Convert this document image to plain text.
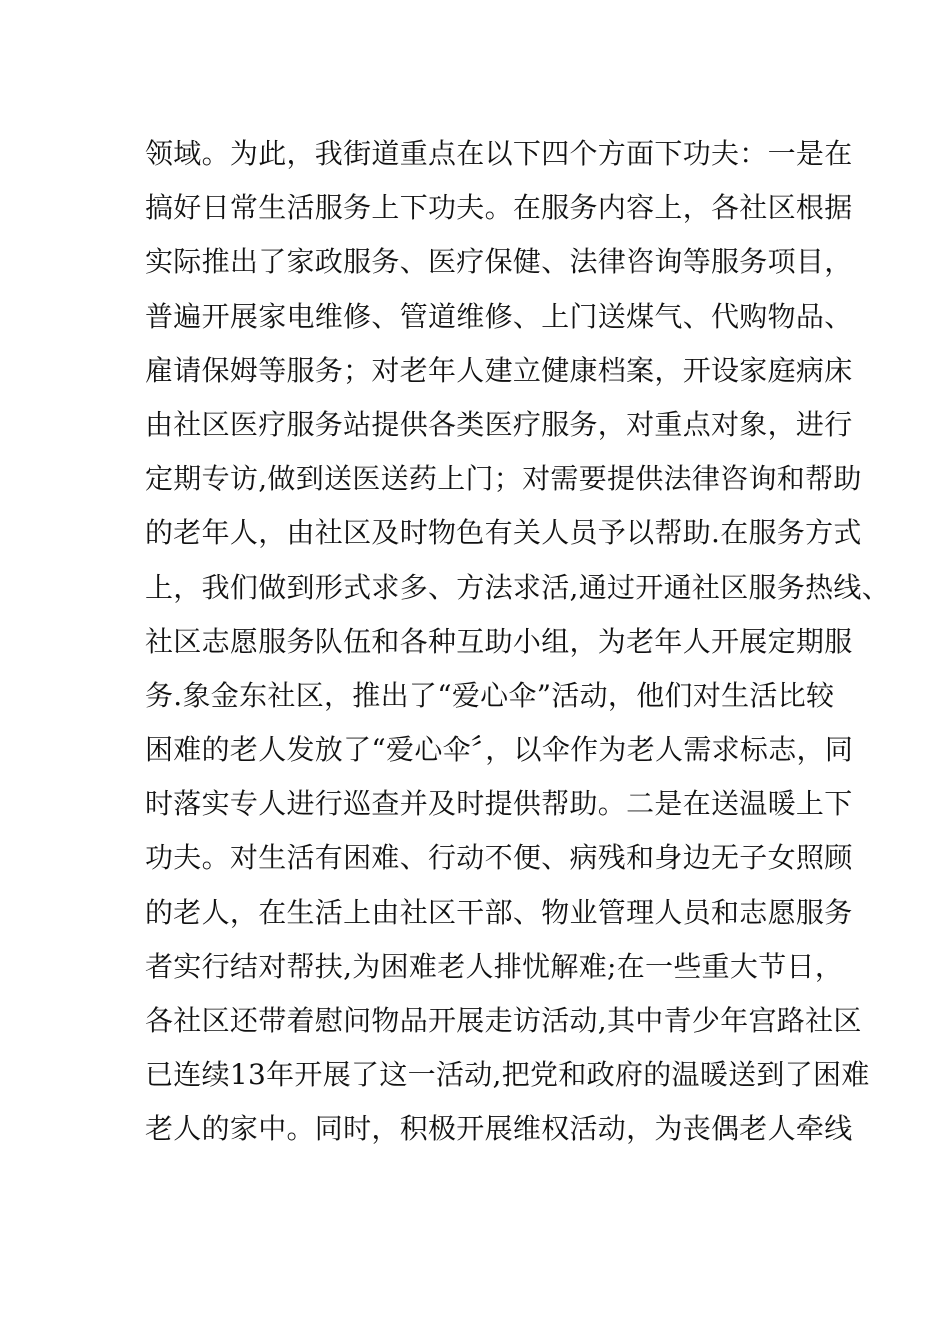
领域。为此，我街道重点在以下四个方面下功夫：一是在
搞好日常生活服务上下功夫。在服务内容上，各社区根据
实际推出了家政服务、医疗保健、法律咨询等服务项目，
普遍开展家电维修、管道维修、上门送煤气、代购物品、
雇请保姆等服务；对老年人建立健康档案，开设家庭病床
由社区医疗服务站提供各类医疗服务，对重点对象，进行
定期专访,做到送医送药上门；对需要提供法律咨询和帮助
的老年人，由社区及时物色有关人员予以帮助.在服务方式
上，我们做到形式求多、方法求活,通过开通社区服务热线、
社区志愿服务队伍和各种互助小组，为老年人开展定期服
务.象金东社区，推出了“爱心伞”活动，他们对生活比较
困难的老人发放了“爱心伞〞，以伞作为老人需求标志，同
时落实专人进行巡查并及时提供帮助。二是在送温暖上下
功夫。对生活有困难、行动不便、病残和身边无子女照顾
的老人，在生活上由社区干部、物业管理人员和志愿服务
者实行结对帮扶,为困难老人排忧解难;在一些重大节日，
各社区还带着慰问物品开展走访活动,其中青少年宫路社区
已连续13年开展了这一活动,把党和政府的温暖送到了困难
老人的家中。同时，积极开展维权活动，为丧偶老人牵线
